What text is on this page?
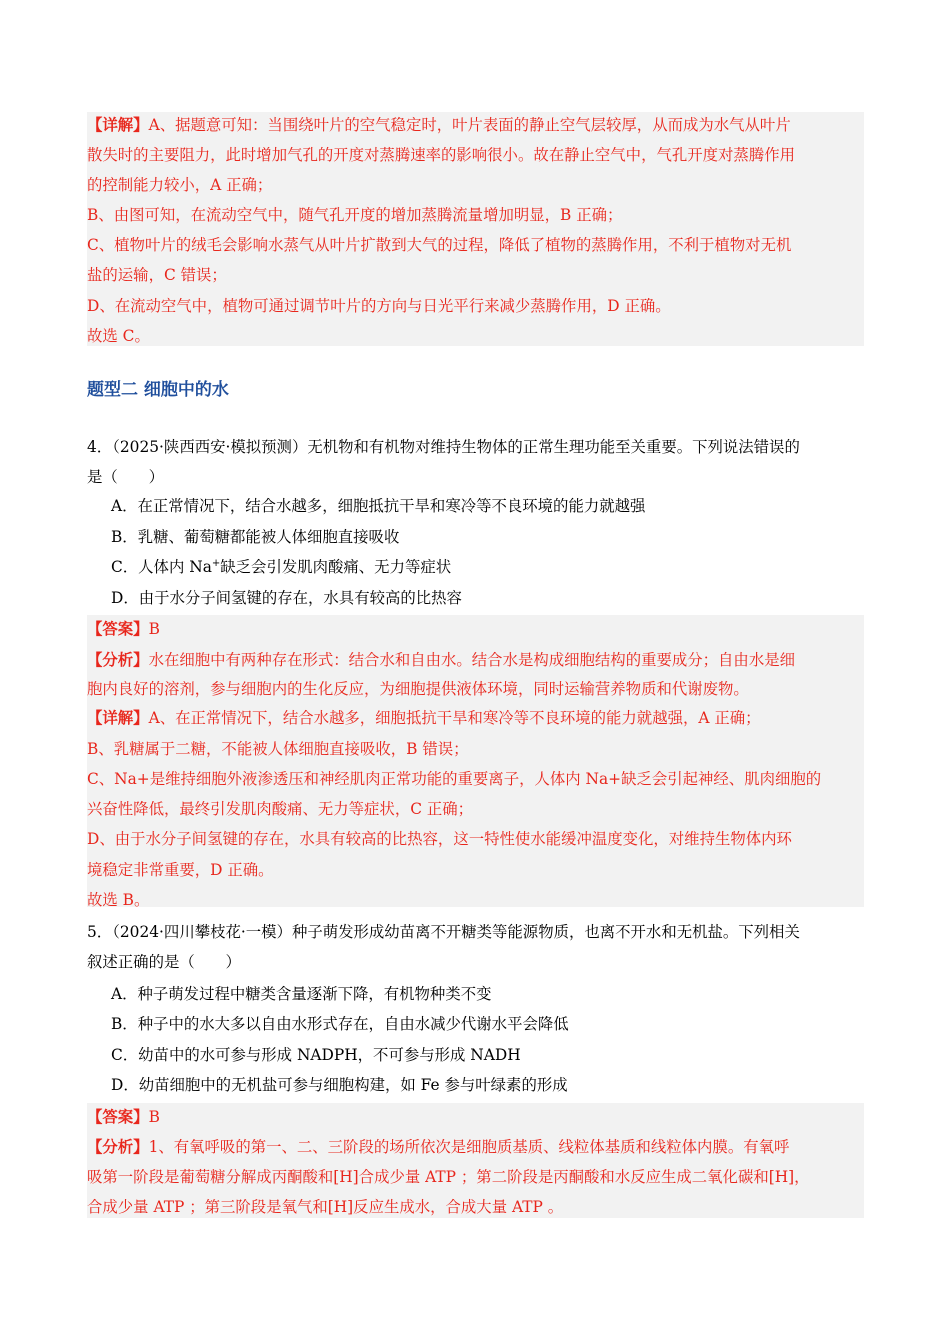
【详解】A、据题意可知：当围绕叶片的空气稳定时，叶片表面的静止空气层较厚，从而成为水气从叶片
散失时的主要阻力，此时增加气孔的开度对蒸腾速率的影响很小。故在静止空气中，气孔开度对蒸腾作用
的控制能力较小，A 正确；
B、由图可知，在流动空气中，随气孔开度的增加蒸腾流量增加明显，B 正确；
C、植物叶片的绒毛会影响水蒸气从叶片扩散到大气的过程，降低了植物的蒸腾作用，不利于植物对无机
盐的运输，C 错误；
D、在流动空气中，植物可通过调节叶片的方向与日光平行来减少蒸腾作用，D 正确。
故选 C。
题型二 细胞中的水
4．（2025·陕西西安·模拟预测）无机物和有机物对维持生物体的正常生理功能至关重要。下列说法错误的
是（　　）
A．在正常情况下，结合水越多，细胞抵抗干旱和寒冷等不良环境的能力就越强
B．乳糖、葡萄糖都能被人体细胞直接吸收
C．人体内 Na+缺乏会引发肌肉酸痛、无力等症状
D．由于水分子间氢键的存在，水具有较高的比热容
【答案】B
【分析】水在细胞中有两种存在形式：结合水和自由水。结合水是构成细胞结构的重要成分；自由水是细
胞内良好的溶剂，参与细胞内的生化反应，为细胞提供液体环境，同时运输营养物质和代谢废物。
【详解】A、在正常情况下，结合水越多，细胞抵抗干旱和寒冷等不良环境的能力就越强，A 正确；
B、乳糖属于二糖，不能被人体细胞直接吸收，B 错误；
C、Na+是维持细胞外液渗透压和神经肌肉正常功能的重要离子，人体内 Na+缺乏会引起神经、肌肉细胞的
兴奋性降低，最终引发肌肉酸痛、无力等症状，C 正确；
D、由于水分子间氢键的存在，水具有较高的比热容，这一特性使水能缓冲温度变化，对维持生物体内环
境稳定非常重要，D 正确。
故选 B。
5．（2024·四川攀枝花·一模）种子萌发形成幼苗离不开糖类等能源物质，也离不开水和无机盐。下列相关
叙述正确的是（　　）
A．种子萌发过程中糖类含量逐渐下降，有机物种类不变
B．种子中的水大多以自由水形式存在，自由水减少代谢水平会降低
C．幼苗中的水可参与形成 NADPH，不可参与形成 NADH
D．幼苗细胞中的无机盐可参与细胞构建，如 Fe 参与叶绿素的形成
【答案】B
【分析】1、有氧呼吸的第一、二、三阶段的场所依次是细胞质基质、线粒体基质和线粒体内膜。有氧呼
吸第一阶段是葡萄糖分解成丙酮酸和[H]合成少量 ATP ；第二阶段是丙酮酸和水反应生成二氧化碳和[H]，
合成少量 ATP ；第三阶段是氧气和[H]反应生成水，合成大量 ATP 。
